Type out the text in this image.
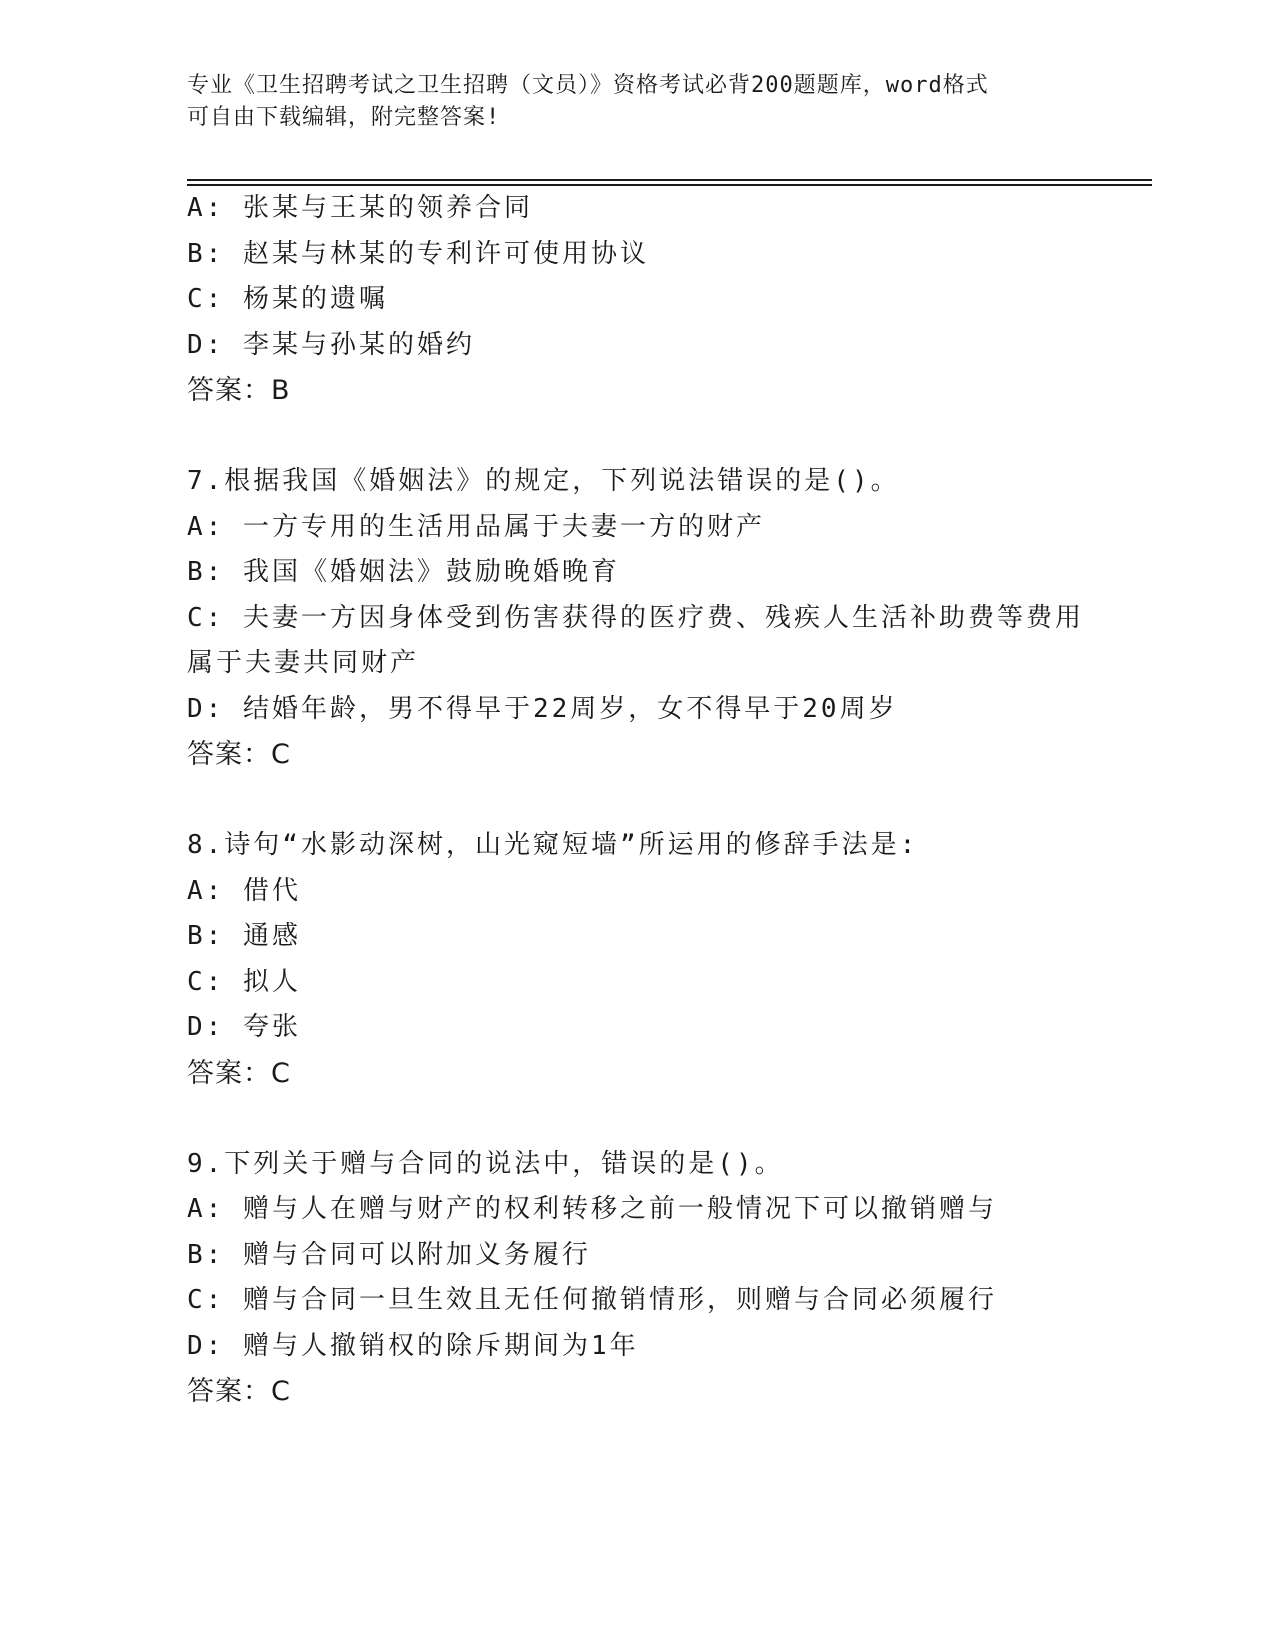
专业《卫生招聘考试之卫生招聘（文员）》资格考试必背200题题库，word格式
可自由下载编辑，附完整答案!
A: 张某与王某的领养合同
B: 赵某与林某的专利许可使用协议
C: 杨某的遗嘱
D: 李某与孙某的婚约
答案：B
7.根据我国《婚姻法》的规定，下列说法错误的是()。
A: 一方专用的生活用品属于夫妻一方的财产
B: 我国《婚姻法》鼓励晚婚晚育
C: 夫妻一方因身体受到伤害获得的医疗费、残疾人生活补助费等费用
属于夫妻共同财产
D: 结婚年龄，男不得早于22周岁，女不得早于20周岁
答案：C
8.诗句“水影动深树，山光窥短墙”所运用的修辞手法是:
A: 借代
B: 通感
C: 拟人
D: 夸张
答案：C
9.下列关于赠与合同的说法中，错误的是()。
A: 赠与人在赠与财产的权利转移之前一般情况下可以撤销赠与
B: 赠与合同可以附加义务履行
C: 赠与合同一旦生效且无任何撤销情形，则赠与合同必须履行
D: 赠与人撤销权的除斥期间为1年
答案：C
